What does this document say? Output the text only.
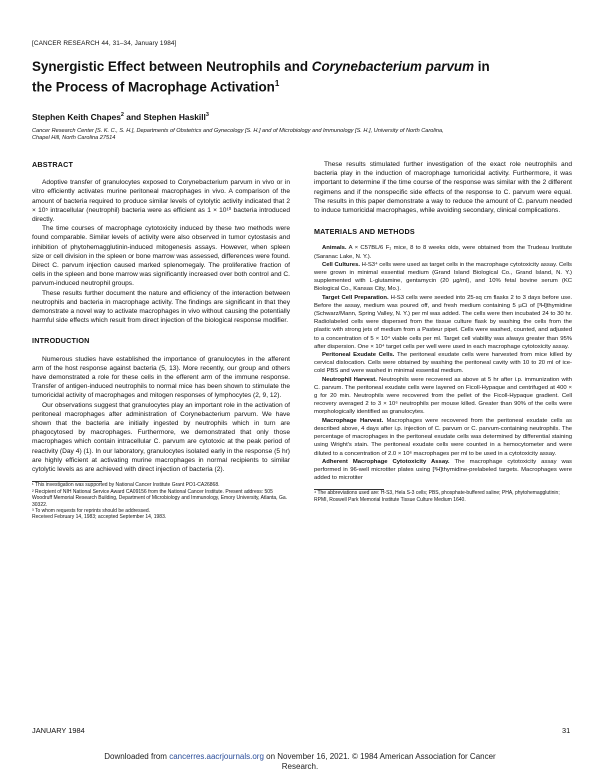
[CANCER RESEARCH 44, 31–34, January 1984]
Synergistic Effect between Neutrophils and Corynebacterium parvum in
the Process of Macrophage Activation$^1$
Stephen Keith Chapes$^2$ and Stephen Haskill$^3$
Cancer Research Center [S. K. C., S. H.], Departments of Obstetrics and Gynecology [S. H.] and of Microbiology and Immunology [S. H.], University of North Carolina,
Chapel Hill, North Carolina 27514

ABSTRACT

Adoptive transfer of granulocytes exposed to Corynebacterium parvum in vivo or in vitro efficiently activates murine peritoneal macrophages in vivo. A comparison of the amount of bacteria required to produce similar levels of cytolytic activity indicated that 2 × 10⁵ intracellular (neutrophil) bacteria were as efficient as 1 × 10¹⁰ bacteria introduced directly.

The time courses of macrophage cytotoxicity induced by these two methods were found comparable. Similar levels of activity were also observed in tumor cytostasis and inhibition of phytohemagglutinin-induced mitogenesis assays. However, when spleen size or cell division in the spleen or bone marrow was assessed, differences were found. Direct C. parvum injection caused marked splenomegaly. The proliferative fraction of cells in the spleen and bone marrow was significantly increased over both control and C. parvum-induced neutrophil groups.

These results further document the nature and efficiency of the interaction between neutrophils and bacteria in macrophage activity. The findings are significant in that they demonstrate a novel way to activate macrophages in vivo without causing the potentially harmful side effects which result from direct injection of the biological response modifier.

INTRODUCTION

Numerous studies have established the importance of granulocytes in the afferent arm of the host response against bacteria (5, 13). More recently, our group and others have demonstrated a role for these cells in the efferent arm of the immune response. Transfer of antigen-induced neutrophils to normal mice has been shown to stimulate the tumoricidal activity of macrophages and mitogen responses of lymphocytes (2, 9, 12).

Our observations suggest that granulocytes play an important role in the activation of peritoneal macrophages after administration of Corynebacterium parvum. We have shown that the bacteria are initially ingested by neutrophils which in turn are phagocytosed by macrophages. Furthermore, we demonstrated that only those macrophages which contain intracellular C. parvum are cytotoxic at the peak period of reactivity (Day 4) (1). In our laboratory, granulocytes isolated early in the response (5 hr) are highly efficient at activating murine macrophages in normal recipients to similar cytolytic levels as are achieved with direct injection of bacteria (2).

¹ This investigation was supported by National Cancer Institute Grant PO1-CA26868.
² Recipient of NIH National Service Award CA09156 from the National Cancer Institute. Present address: 505 Woodruff Memorial Research Building, Department of Microbiology and Immunology, Emory University, Atlanta, Ga. 30322.
³ To whom requests for reprints should be addressed.
Received February 14, 1983; accepted September 14, 1983.

These results stimulated further investigation of the exact role neutrophils and bacteria play in the induction of macrophage tumoricidal activity. Furthermore, it was important to determine if the time course of the response was similar with the 2 different regimens and if the nonspecific side effects of the response to C. parvum were equal. The results in this paper demonstrate a way to reduce the amount of C. parvum needed to induce tumoricidal macrophages, while avoiding secondary, clinical complications.

MATERIALS AND METHODS

Animals. A × C57BL/6 F₁ mice, 8 to 8 weeks olds, were obtained from the Trudeau Institute (Saranac Lake, N. Y.).

Cell Cultures. H-S3⁴ cells were used as target cells in the macrophage cytotoxicity assay. Cells were grown in minimal essential medium (Grand Island Biological Co., Grand Island, N. Y.) supplemented with L-glutamine, gentamycin (20 µg/ml), and 10% fetal bovine serum (KC Biological Co., Kansas City, Mo.).

Target Cell Preparation. H-S3 cells were seeded into 25-sq cm flasks 2 to 3 days before use. Before the assay, medium was poured off, and fresh medium containing 5 µCi of [³H]thymidine (Schwarz/Mann, Spring Valley, N. Y.) per ml was added. The cells were then incubated 24 to 30 hr. Radiolabeled cells were dispersed from the tissue culture flask by washing the cells from the plastic with strong jets of medium from a Pasteur pipet. Cells were washed, counted, and adjusted to a concentration of 5 × 10⁴ viable cells per ml. Target cell viability was always greater than 95% after dispersion. One × 10⁴ target cells per well were used in each macrophage cytotoxicity assay.

Peritoneal Exudate Cells. The peritoneal exudate cells were harvested from mice killed by cervical dislocation. Cells were obtained by washing the peritoneal cavity with 10 to 20 ml of ice-cold PBS and were washed in minimal essential medium.

Neutrophil Harvest. Neutrophils were recovered as above at 5 hr after i.p. immunization with C. parvum. The peritoneal exudate cells were layered on Ficoll-Hypaque and centrifuged at 400 × g for 20 min. Neutrophils were recovered from the pellet of the Ficoll-Hypaque gradient. Cell recovery averaged 2 to 3 × 10⁶ neutrophils per mouse killed. Greater than 90% of the cells were morphologically identified as granulocytes.

Macrophage Harvest. Macrophages were recovered from the peritoneal exudate cells as described above, 4 days after i.p. injection of C. parvum or C. parvum-containing neutrophils. The percentage of macrophages in the peritoneal exudate cells was determined by differential staining using Wright's stain. The peritoneal exudate cells were counted in a hemocytometer and were diluted to a concentration of 2.0 × 10⁶ macrophages per ml to be used in a cytotoxicity assay.

Adherent Macrophage Cytotoxicity Assay. The macrophage cytotoxicity assay was performed in 96-well microtiter plates using [³H]thymidine-prelabeled targets. Macrophages were added to microtiter

⁴ The abbreviations used are: H-S3, Hela S-3 cells; PBS, phosphate-buffered saline; PHA, phytohemagglutinin; RPMI, Roswell Park Memorial Institute Tissue Culture Medium 1640.
JANUARY 1984	31
Downloaded from cancerres.aacrjournals.org on November 16, 2021. © 1984 American Association for Cancer
Research.
